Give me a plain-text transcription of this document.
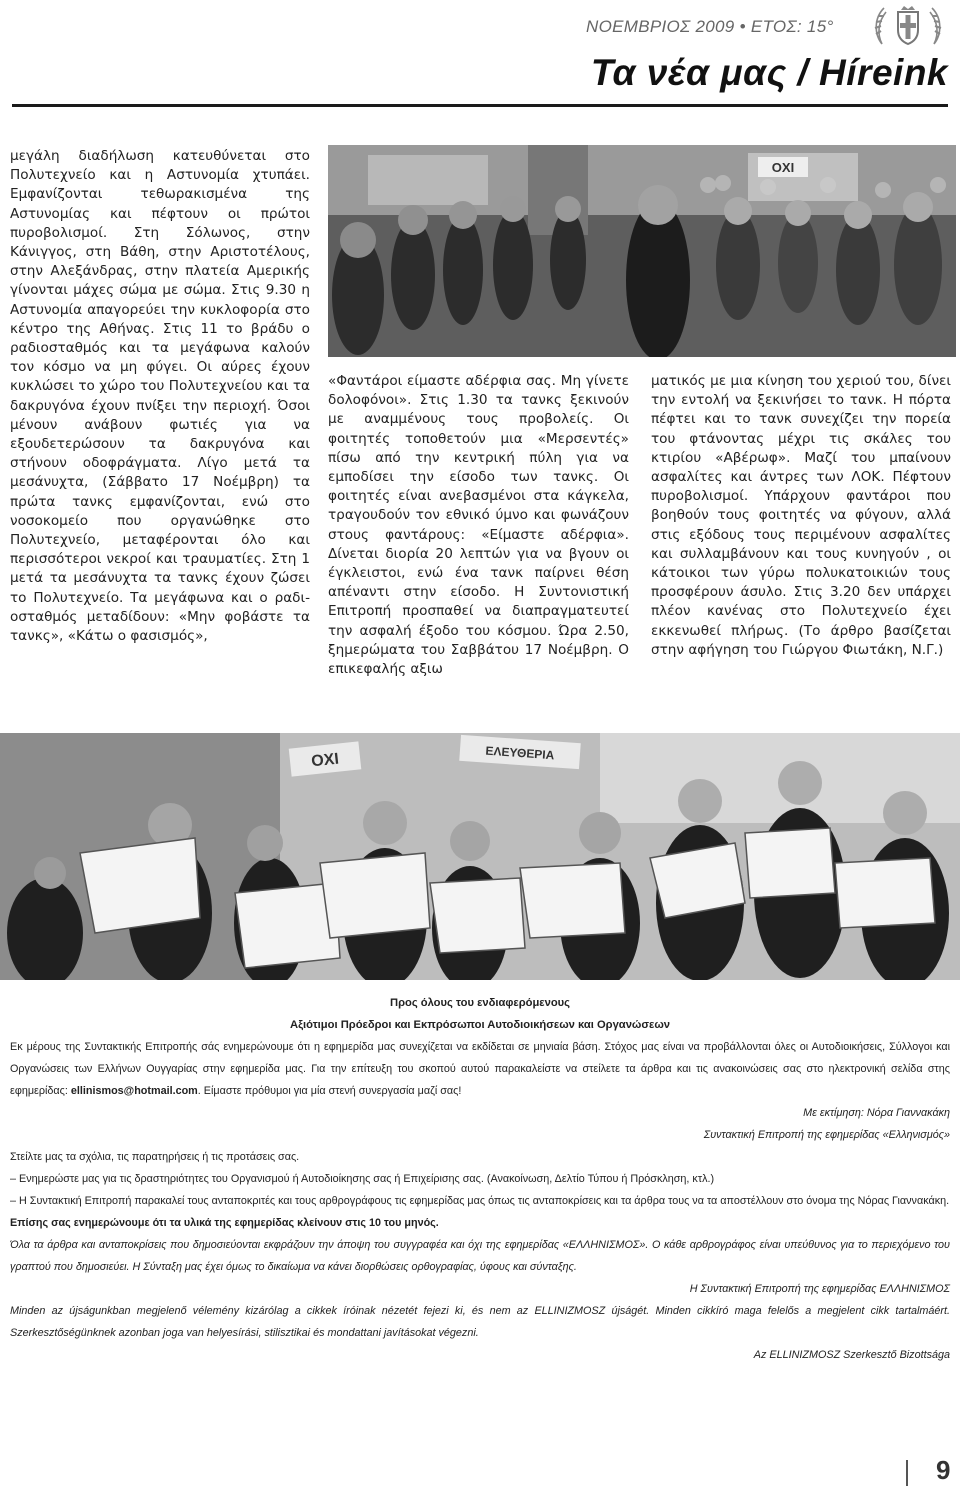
ΝΟΕΜΒΡΙΟΣ 2009 • ΕΤΟΣ: 15°
Τα νέα μας / Híreink

μεγάλη διαδήλωση κατευθύνεται στο Πολυτεχνείο και η Αστυνομία χτυπάει. Εμφανίζονται τεθωρακισμένα της Αστυνομίας και πέφτουν οι πρώτοι πυροβολισμοί. Στη Σόλωνος, στην Κάνιγγος, στη Βάθη, στην Αριστοτέλους, στην Αλεξάνδρας, στην πλατεία Αμερικής γίνονται μάχες σώμα με σώμα. Στις 9.30 η Αστυνομία απαγορεύει την κυκλοφορία στο κέντρο της Αθήνας. Στις 11 το βράδυ ο ραδιοσταθμός και τα μεγάφωνα καλούν τον κόσμο να μη φύγει. Οι αύρες έχουν κυκλώσει το χώρο του Πολυτεχνείου και τα δακρυγόνα έχουν πνίξει την περιοχή. Όσοι μένουν ανάβουν φωτιές για να εξουδετερώσουν τα δακρυγόνα και στήνουν οδοφράγματα. Λίγο μετά τα μεσάνυχτα, (Σάββατο 17 Νοέμβρη) τα πρώτα τανκς εμφανίζονται, ενώ στο νοσοκομείο που οργανώθηκε στο Πολυτεχνείο, μεταφέρονται όλο και περισσότεροι νεκροί και τραυματίες. Στη 1 μετά τα μεσάνυχτα τα τανκς έχουν ζώσει το Πολυτεχνείο. Τα μεγάφωνα και ο ραδιοσταθμός μεταδίδουν: «Μην φοβάστε τα τανκς», «Κάτω ο φασισμός»,

ΟΧΙ

«Φαντάροι είμαστε αδέρφια σας. Μη γίνετε δολοφόνοι». Στις 1.30 τα τανκς ξεκινούν με αναμμένους τους προβολείς. Οι φοιτητές τοποθετούν μια «Μερσεντές» πίσω από την κεντρική πύλη για να εμποδίσει την είσοδο των τανκς. Οι φοιτητές είναι ανεβασμένοι στα κάγκελα, τραγουδούν τον εθνικό ύμνο και φωνάζουν στους φαντάρους: «Είμαστε αδέρφια». Δίνεται διορία 20 λεπτών για να βγουν οι έγκλειστοι, ενώ ένα τανκ παίρνει θέση απέναντι στην είσοδο. Η Συντονιστική Επιτροπή προσπαθεί να διαπραγματευτεί την ασφαλή έξοδο του κόσμου. Ώρα 2.50, ξημερώματα του Σαββάτου 17 Νοέμβρη. Ο επικεφαλής αξιω

ματικός με μια κίνηση του χεριού του, δίνει την εντολή να ξεκινήσει το τανκ. Η πόρτα πέφτει και το τανκ συνεχίζει την πορεία του φτάνοντας μέχρι τις σκάλες του κτιρίου «Αβέρωφ». Μαζί του μπαίνουν ασφαλίτες και άντρες των ΛΟΚ. Πέφτουν πυροβολισμοί. Υπάρχουν φαντάροι που βοηθούν τους φοιτητές να φύγουν, αλλά στις εξόδους τους περιμένουν ασφαλίτες και συλλαμβάνουν και τους κυνηγούν , οι κάτοικοι των γύρω πολυκατοικιών τους προσφέρουν άσυλο. Στις 3.20 δεν υπάρχει πλέον κανένας στο Πολυτεχνείο έχει εκκενωθεί πλήρως. (Το άρθρο βασίζεται στην αφήγηση του Γιώργου Φιωτάκη, Ν.Γ.)

ΟΧΙ	ΕΛΕΥΘΕΡΙΑ
Προς όλους του ενδιαφερόμενους
Αξιότιμοι Πρόεδροι και Εκπρόσωποι Αυτοδιοικήσεων και Οργανώσεων
Εκ μέρους της Συντακτικής Επιτροπής σάς ενημερώνουμε ότι η εφημερίδα μας συνεχίζεται να εκδίδεται σε μηνιαία βάση. Στόχος μας είναι να προβάλλονται όλες οι Αυτοδιοικήσεις, Σύλλογοι και Οργανώσεις των Ελλήνων Ουγγαρίας στην εφημερίδα μας. Για την επίτευξη του σκοπού αυτού παρακαλείστε να στείλετε τα άρθρα και τις ανακοινώσεις σας στο ηλεκτρονική σελίδα στης εφημερίδας: ellinismos@hotmail.com. Είμαστε πρόθυμοι για μία στενή συνεργασία μαζί σας!
Με εκτίμηση: Νόρα Γιαννακάκη
Συντακτική Επιτροπή της εφημερίδας «Ελληνισμός»
Στείλτε μας τα σχόλια, τις παρατηρήσεις ή τις προτάσεις σας.
– Ενημερώστε μας για τις δραστηριότητες του Οργανισμού ή Αυτοδιοίκησης σας ή Επιχείρισης σας. (Ανακοίνωση, Δελτίο Τύπου ή Πρόσκληση, κτλ.)
– Η Συντακτική Επιτροπή παρακαλεί τους ανταποκριτές και τους αρθρογράφους τις εφημερίδας μας όπως τις ανταποκρίσεις και τα άρθρα τους να τα αποστέλλουν στο όνομα της Νόρας Γιαννακάκη.
Επίσης σας ενημερώνουμε ότι τα υλικά της εφημερίδας κλείνουν στις 10 του μηνός.
Όλα τα άρθρα και ανταποκρίσεις που δημοσιεύονται εκφράζουν την άποψη του συγγραφέα και όχι της εφημερίδας «ΕΛΛΗΝΙΣΜΟΣ». Ο κάθε αρθρογράφος είναι υπεύθυνος για το περιεχόμενο του γραπτού που δημοσιεύει. Η Σύνταξη μας έχει όμως το δικαίωμα να κάνει διορθώσεις ορθογραφίας, ύφους και σύνταξης.
Η Συντακτική Επιτροπή της εφημερίδας ΕΛΛΗΝΙΣΜΟΣ
Minden az újságunkban megjelenő vélemény kizárólag a cikkek íróinak nézetét fejezi ki, és nem az ELLINIZMOSZ újságét. Minden cikkíró maga felelős a megjelent cikk tartalmáért. Szerkesztőségünknek azonban joga van helyesírási, stilisztikai és mondattani javításokat végezni.
Az ELLINIZMOSZ Szerkesztő Bizottsága
9
